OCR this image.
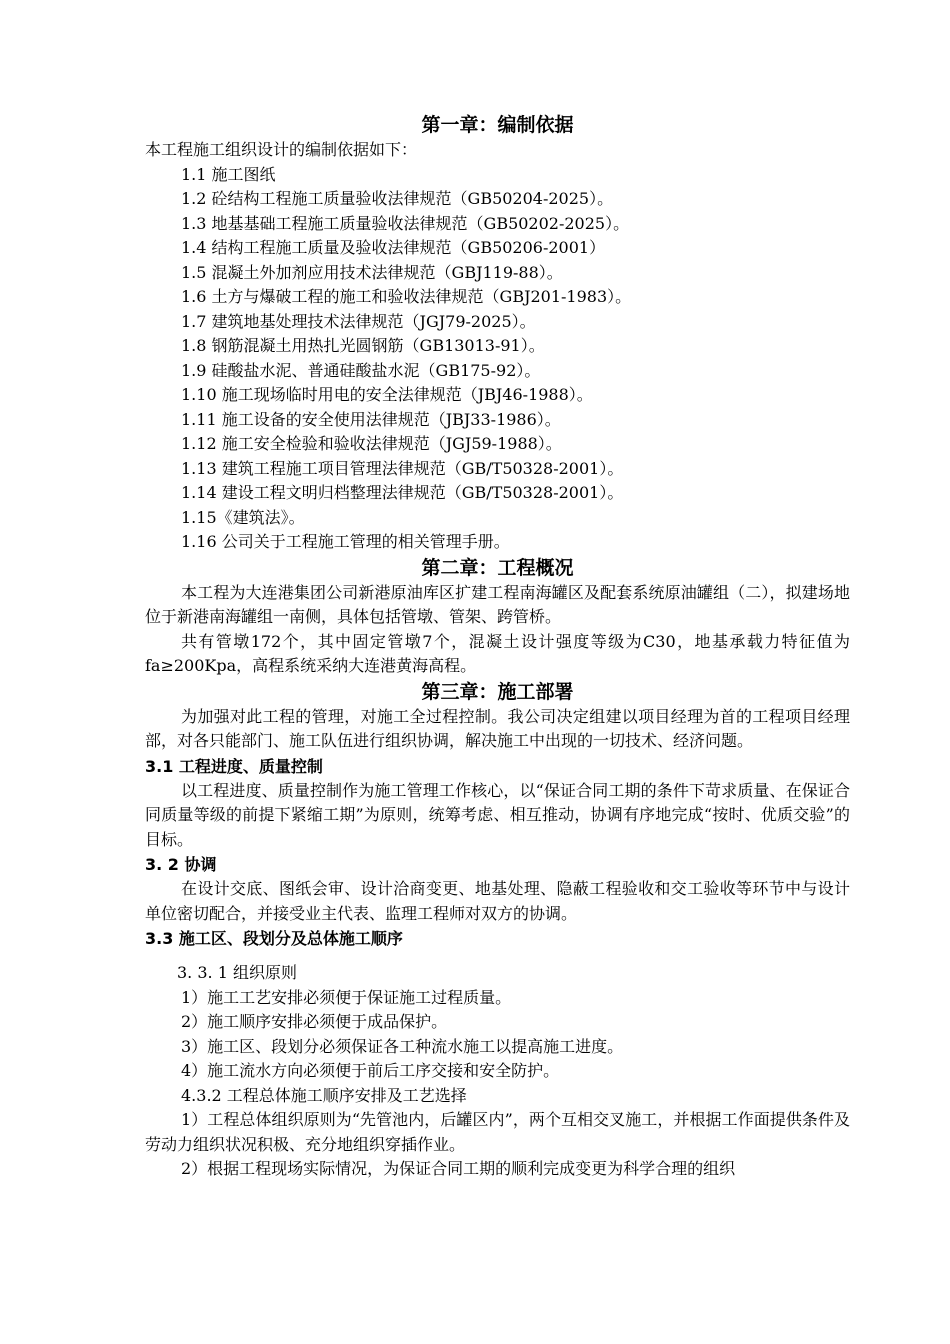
第一章：编制依据

本工程施工组织设计的编制依据如下：

1.1 施工图纸

1.2 砼结构工程施工质量验收法律规范（GB50204-2025）。

1.3 地基基础工程施工质量验收法律规范（GB50202-2025）。

1.4 结构工程施工质量及验收法律规范（GB50206-2001）

1.5 混凝土外加剂应用技术法律规范（GBJ119-88）。

1.6 土方与爆破工程的施工和验收法律规范（GBJ201-1983）。

1.7 建筑地基处理技术法律规范（JGJ79-2025）。

1.8 钢筋混凝土用热扎光圆钢筋（GB13013-91）。

1.9 硅酸盐水泥、普通硅酸盐水泥（GB175-92）。

1.10 施工现场临时用电的安全法律规范（JBJ46-1988）。

1.11 施工设备的安全使用法律规范（JBJ33-1986）。

1.12 施工安全检验和验收法律规范（JGJ59-1988）。

1.13 建筑工程施工项目管理法律规范（GB/T50328-2001）。

1.14 建设工程文明归档整理法律规范（GB/T50328-2001）。

1.15《建筑法》。

1.16 公司关于工程施工管理的相关管理手册。

第二章：工程概况

本工程为大连港集团公司新港原油库区扩建工程南海罐区及配套系统原油罐组（二），拟建场地位于新港南海罐组一南侧，具体包括管墩、管架、跨管桥。

共有管墩172个，其中固定管墩7个，混凝土设计强度等级为C30，地基承载力特征值为fa≥200Kpa，高程系统采纳大连港黄海高程。

第三章：施工部署

为加强对此工程的管理，对施工全过程控制。我公司决定组建以项目经理为首的工程项目经理部，对各只能部门、施工队伍进行组织协调，解决施工中出现的一切技术、经济问题。

3.1 工程进度、质量控制

以工程进度、质量控制作为施工管理工作核心，以“保证合同工期的条件下苛求质量、在保证合同质量等级的前提下紧缩工期”为原则，统筹考虑、相互推动，协调有序地完成“按时、优质交验”的目标。

3. 2 协调

在设计交底、图纸会审、设计洽商变更、地基处理、隐蔽工程验收和交工验收等环节中与设计单位密切配合，并接受业主代表、监理工程师对双方的协调。

3.3 施工区、段划分及总体施工顺序

3. 3. 1 组织原则

1）施工工艺安排必须便于保证施工过程质量。

2）施工顺序安排必须便于成品保护。

3）施工区、段划分必须保证各工种流水施工以提高施工进度。

4）施工流水方向必须便于前后工序交接和安全防护。

4.3.2 工程总体施工顺序安排及工艺选择

1）工程总体组织原则为“先管池内，后罐区内”，两个互相交叉施工，并根据工作面提供条件及劳动力组织状况积极、充分地组织穿插作业。

2）根据工程现场实际情况，为保证合同工期的顺利完成变更为科学合理的组织
